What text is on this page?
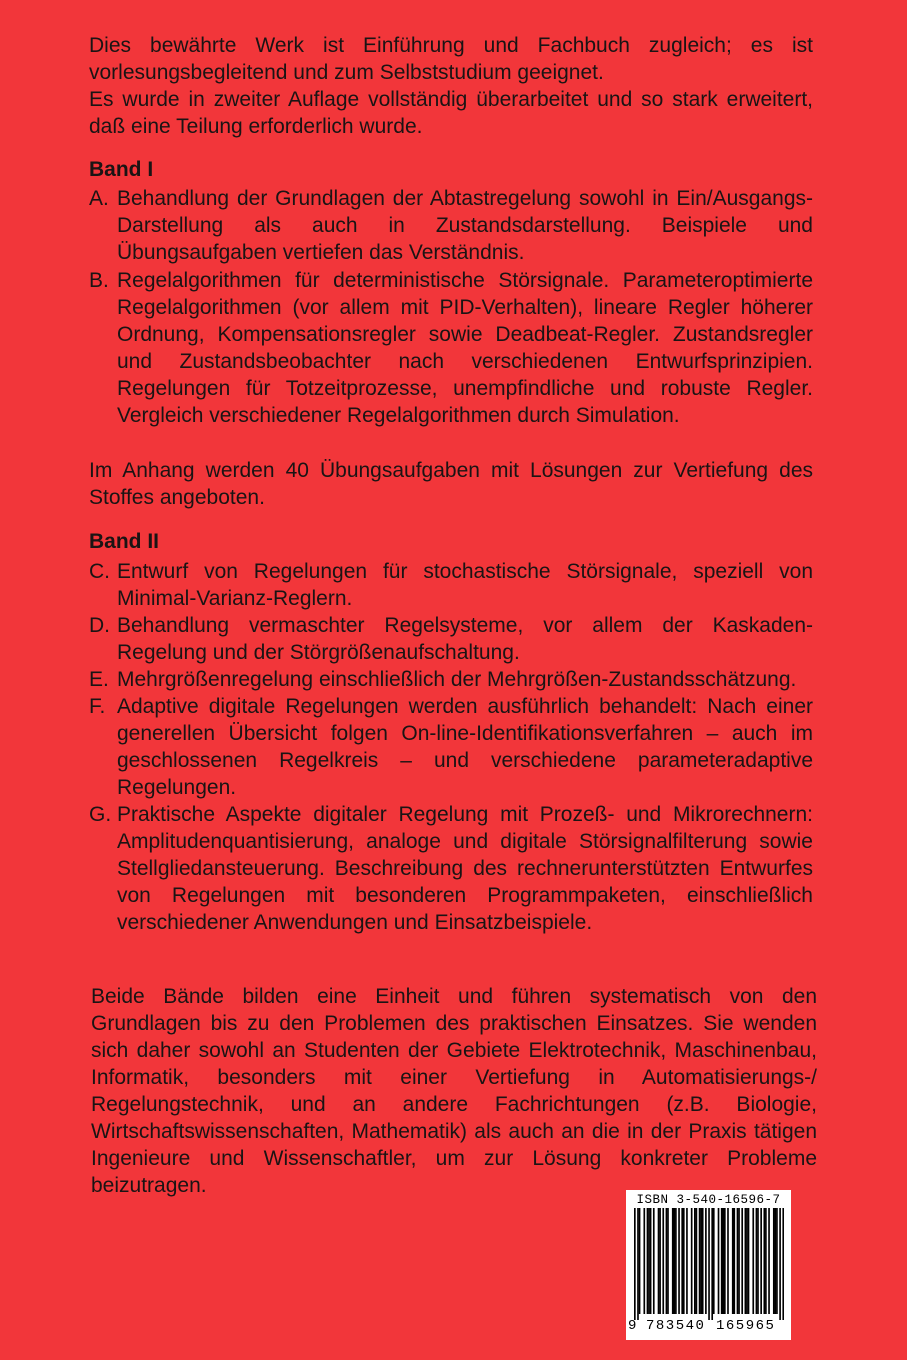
Dies bewährte Werk ist Einführung und Fachbuch zugleich; es ist vorlesungsbegleitend und zum Selbststudium geeignet.

Es wurde in zweiter Auflage vollständig überarbeitet und so stark erweitert, daß eine Teilung erforderlich wurde.

Band I
A. Behandlung der Grundlagen der Abtastregelung sowohl in Ein/Ausgangs-Darstellung als auch in Zustandsdarstellung. Beispiele und Übungsaufgaben vertiefen das Verständnis.
B. Regelalgorithmen für deterministische Störsignale. Parameteroptimierte Regelalgorithmen (vor allem mit PID-Verhalten), lineare Regler höherer Ordnung, Kompensationsregler sowie Deadbeat-Regler. Zustandsregler und Zustandsbeobachter nach verschiedenen Entwurfsprinzipien. Regelungen für Totzeitprozesse, unempfindliche und robuste Regler. Vergleich verschiedener Regelalgorithmen durch Simulation.

Im Anhang werden 40 Übungsaufgaben mit Lösungen zur Vertiefung des Stoffes angeboten.

Band II
C. Entwurf von Regelungen für stochastische Störsignale, speziell von Minimal-Varianz-Reglern.
D. Behandlung vermaschter Regelsysteme, vor allem der Kaskaden-Regelung und der Störgrößenaufschaltung.
E. Mehrgrößenregelung einschließlich der Mehrgrößen-Zustandsschätzung.
F. Adaptive digitale Regelungen werden ausführlich behandelt: Nach einer generellen Übersicht folgen On-line-Identifikationsverfahren – auch im geschlossenen Regelkreis – und verschiedene parameteradaptive Regelungen.
G. Praktische Aspekte digitaler Regelung mit Prozeß- und Mikrorechnern: Amplitudenquantisierung, analoge und digitale Störsignalfilterung sowie Stellgliedansteuerung. Beschreibung des rechnerunterstützten Entwurfes von Regelungen mit besonderen Programmpaketen, einschließlich verschiedener Anwendungen und Einsatzbeispiele.

Beide Bände bilden eine Einheit und führen systematisch von den Grundlagen bis zu den Problemen des praktischen Einsatzes. Sie wenden sich daher sowohl an Studenten der Gebiete Elektrotechnik, Maschinenbau, Informatik, besonders mit einer Vertiefung in Automatisierungs-/ Regelungstechnik, und an andere Fachrichtungen (z.B. Biologie, Wirtschaftswissenschaften, Mathematik) als auch an die in der Praxis tätigen Ingenieure und Wissenschaftler, um zur Lösung konkreter Probleme beizutragen.

ISBN 3-540-16596-7
9 783540 165965
